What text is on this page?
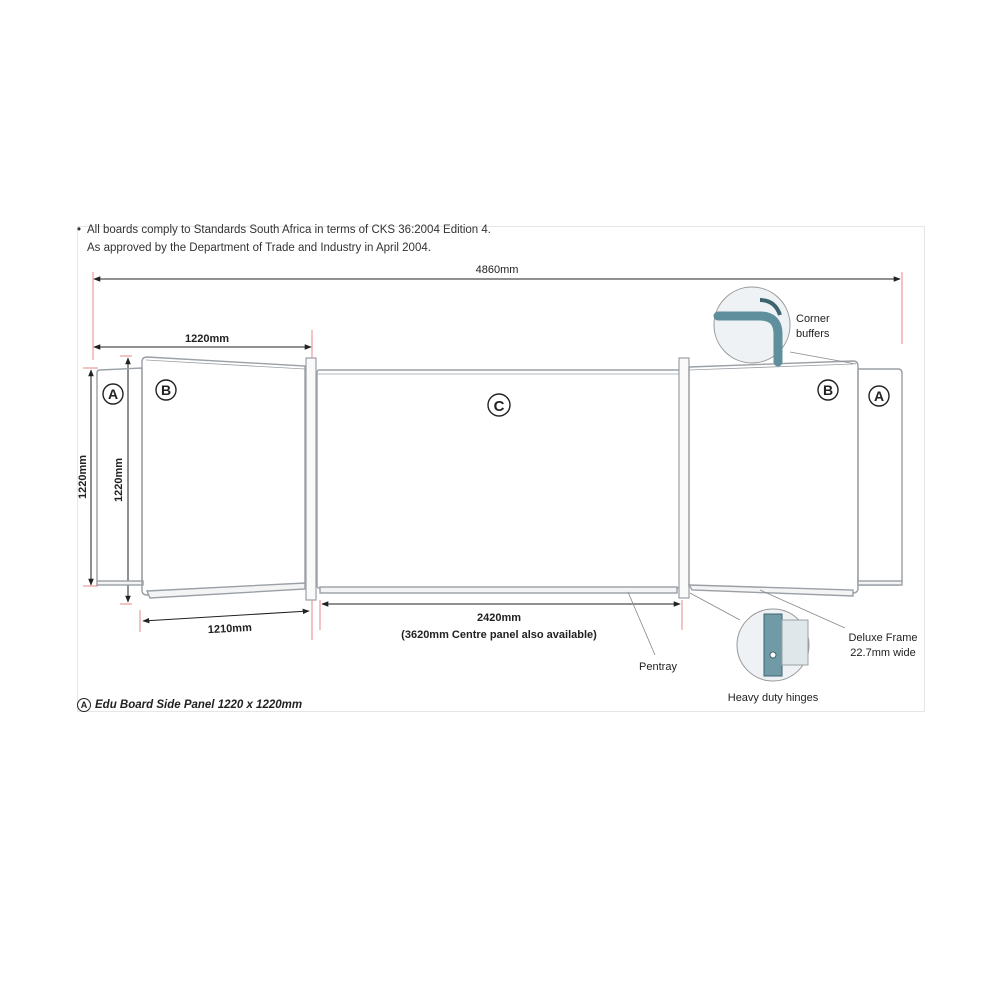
• All boards comply to Standards South Africa in terms of CKS 36:2004 Edition 4.
As approved by the Department of Trade and Industry in April 2004.
4860mm
1220mm
1220mm 1220mm
1210mm
2420mm
(3620mm Centre panel also available)
A	B
C
B	A
Corner
buffers
Pentray
Deluxe Frame
22.7mm wide
Heavy duty hinges
A Edu Board Side Panel 1220 x 1220mm
